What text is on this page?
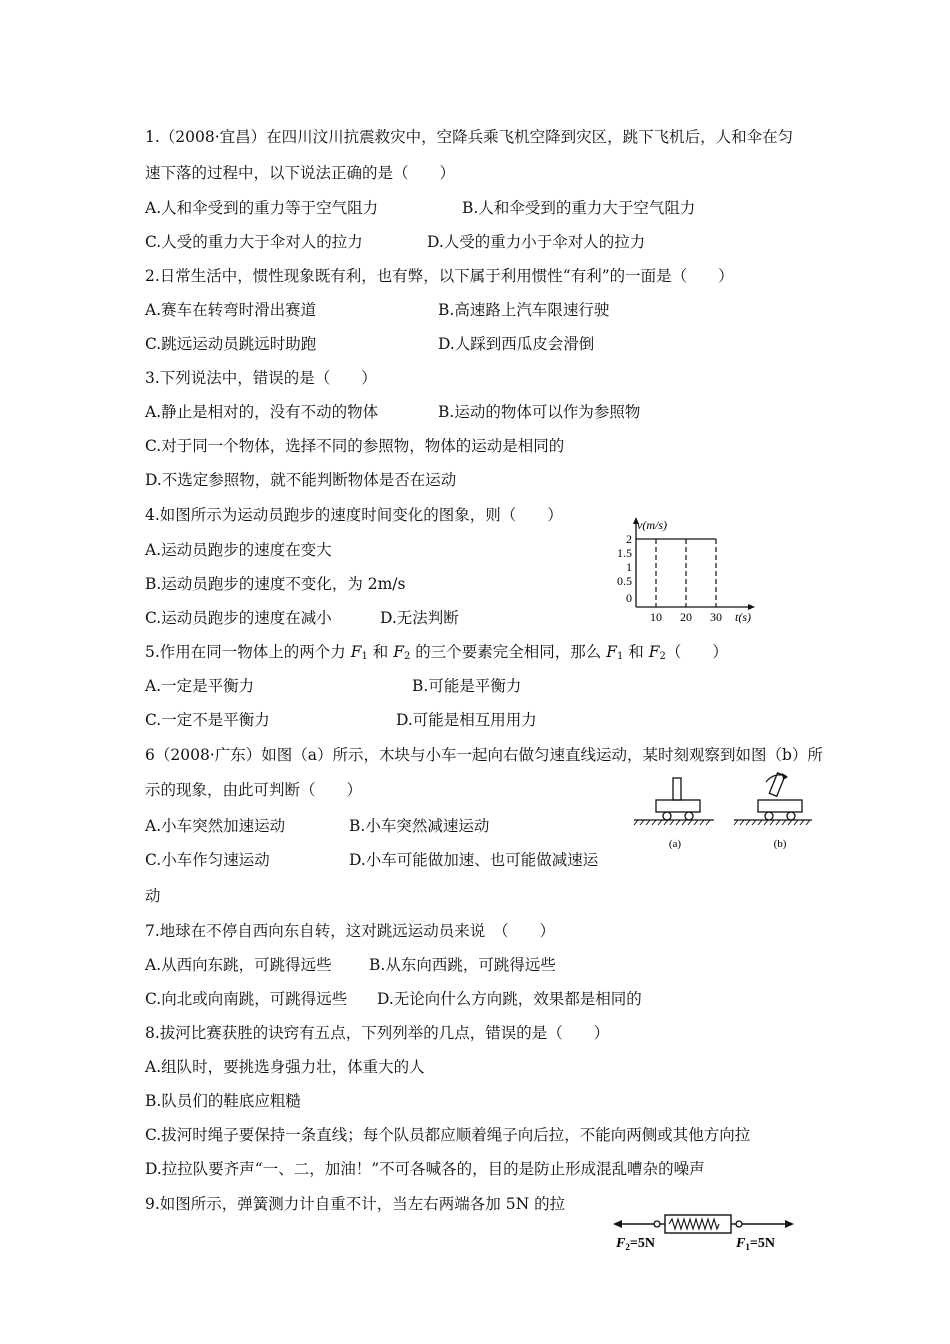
1.（2008·宜昌）在四川汶川抗震救灾中，空降兵乘飞机空降到灾区，跳下飞机后，人和伞在匀
速下落的过程中，以下说法正确的是（　　）
A.人和伞受到的重力等于空气阻力	B.人和伞受到的重力大于空气阻力
C.人受的重力大于伞对人的拉力	D.人受的重力小于伞对人的拉力
2.日常生活中，惯性现象既有利，也有弊，以下属于利用惯性“有利”的一面是（　　）
A.赛车在转弯时滑出赛道	B.高速路上汽车限速行驶
C.跳远运动员跳远时助跑	D.人踩到西瓜皮会滑倒
3.下列说法中，错误的是（　　）
A.静止是相对的，没有不动的物体	B.运动的物体可以作为参照物
C.对于同一个物体，选择不同的参照物，物体的运动是相同的
D.不选定参照物，就不能判断物体是否在运动
4.如图所示为运动员跑步的速度时间变化的图象，则（　　）
A.运动员跑步的速度在变大
B.运动员跑步的速度不变化，为 2m/s
C.运动员跑步的速度在减小	D.无法判断
v(m/s)
2
1.5
1
0.5
0
10 20 30 t(s)
5.作用在同一物体上的两个力 $F_1$ 和 $F_2$ 的三个要素完全相同，那么 $F_1$ 和 $F_2$（　　）
A.一定是平衡力	B.可能是平衡力
C.一定不是平衡力	D.可能是相互用用力
6（2008·广东）如图（a）所示，木块与小车一起向右做匀速直线运动，某时刻观察到如图（b）所
示的现象，由此可判断（　　）
A.小车突然加速运动	B.小车突然减速运动
C.小车作匀速运动	D.小车可能做加速、也可能做减速运
动
(a)	(b)
7.地球在不停自西向东自转，这对跳远运动员来说　（　　）
A.从西向东跳，可跳得远些 B.从东向西跳，可跳得远些
C.向北或向南跳，可跳得远些 D.无论向什么方向跳，效果都是相同的
8.拔河比赛获胜的诀窍有五点，下列列举的几点，错误的是（　　）
A.组队时，要挑选身强力壮，体重大的人
B.队员们的鞋底应粗糙
C.拔河时绳子要保持一条直线；每个队员都应顺着绳子向后拉，不能向两侧或其他方向拉
D.拉拉队要齐声“一、二，加油！”不可各喊各的，目的是防止形成混乱嘈杂的噪声
9.如图所示，弹簧测力计自重不计，当左右两端各加 5N 的拉
$F_2=5N$	$F_1=5N$
